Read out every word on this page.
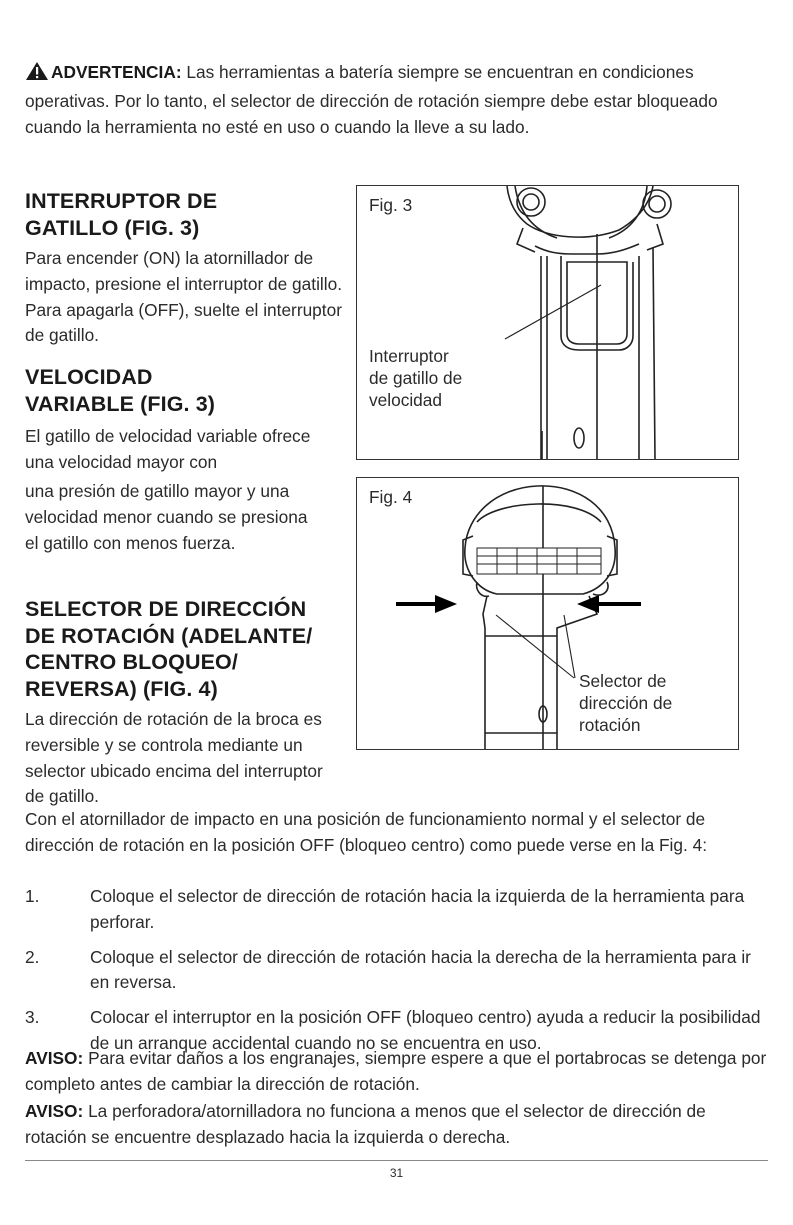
ADVERTENCIA: Las herramientas a batería siempre se encuentran en condiciones operativas. Por lo tanto, el selector de dirección de rotación siempre debe estar bloqueado cuando la herramienta no esté en uso o cuando la lleve a su lado.

INTERRUPTOR DE
GATILLO (FIG. 3)

Para encender (ON) la atornillador de impacto, presione el interruptor de gatillo. Para apagarla (OFF), suelte el interruptor de gatillo.

VELOCIDAD
VARIABLE (FIG. 3)

El gatillo de velocidad variable ofrece una velocidad mayor con

una presión de gatillo mayor y una velocidad menor cuando se presiona el gatillo con menos fuerza.

SELECTOR DE DIRECCIÓN
DE ROTACIÓN (ADELANTE/
CENTRO BLOQUEO/
REVERSA) (FIG. 4)

La dirección de rotación de la broca es reversible y se controla mediante un selector ubicado encima del interruptor de gatillo.

Fig. 3
Interruptor
de gatillo de
velocidad
Fig. 4
Selector de
dirección de
rotación

Con el atornillador de impacto en una posición de funcionamiento normal y el selector de dirección de rotación en la posición OFF (bloqueo centro) como puede verse en la Fig. 4:

1.	Coloque el selector de dirección de rotación hacia la izquierda de la herramienta para perforar.
2.	Coloque el selector de dirección de rotación hacia la derecha de la herramienta para ir en reversa.
3.	Colocar el interruptor en la posición OFF (bloqueo centro) ayuda a reducir la posibilidad de un arranque accidental cuando no se encuentra en uso.

AVISO: Para evitar daños a los engranajes, siempre espere a que el portabrocas se detenga por completo antes de cambiar la dirección de rotación.

AVISO: La perforadora/atornilladora no funciona a menos que el selector de dirección de rotación se encuentre desplazado hacia la izquierda o derecha.

31
